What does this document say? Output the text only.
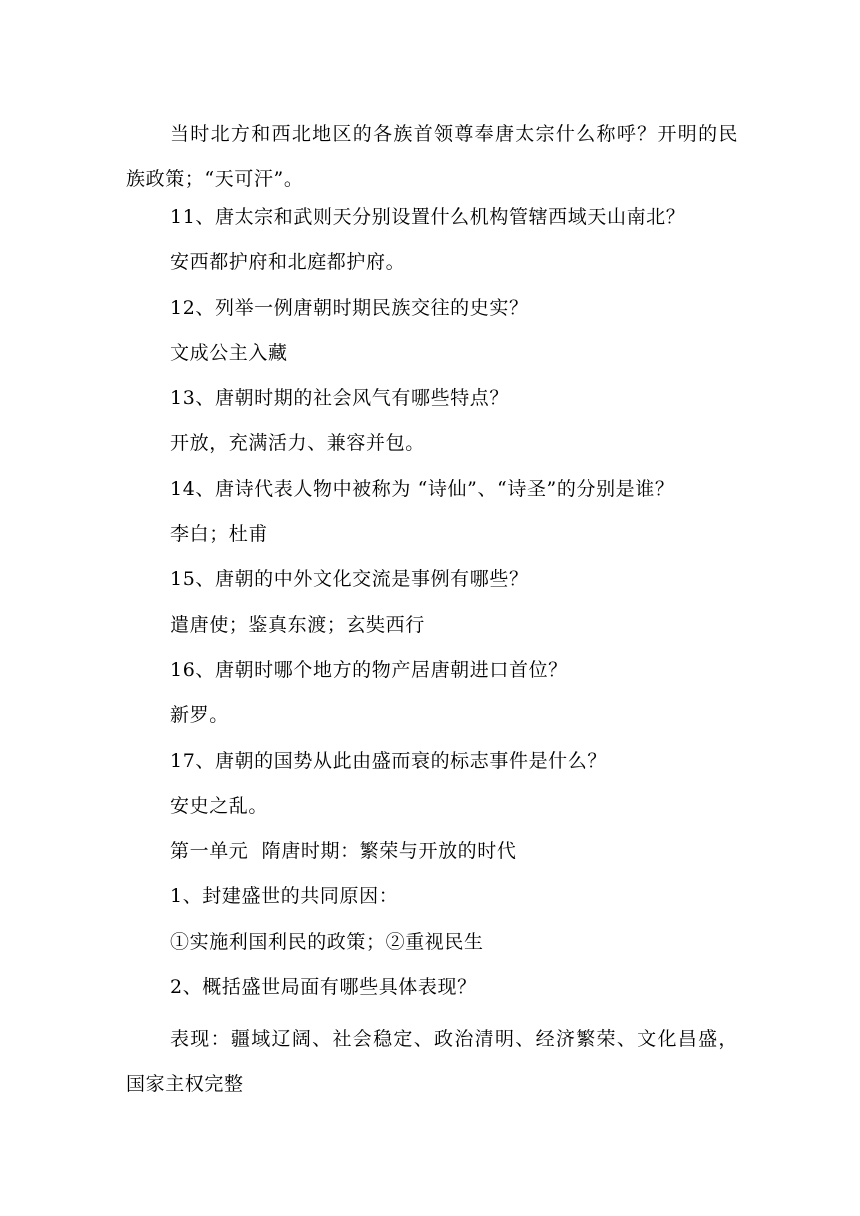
当时北方和西北地区的各族首领尊奉唐太宗什么称呼？开明的民族政策；“天可汗”。

11、唐太宗和武则天分别设置什么机构管辖西域天山南北？

安西都护府和北庭都护府。

12、列举一例唐朝时期民族交往的史实？

文成公主入藏

13、唐朝时期的社会风气有哪些特点？

开放，充满活力、兼容并包。

14、唐诗代表人物中被称为 “诗仙”、“诗圣”的分别是谁？

李白；杜甫

15、唐朝的中外文化交流是事例有哪些？

遣唐使；鉴真东渡；玄奘西行

16、唐朝时哪个地方的物产居唐朝进口首位？

新罗。

17、唐朝的国势从此由盛而衰的标志事件是什么？

安史之乱。

第一单元  隋唐时期：繁荣与开放的时代

1、封建盛世的共同原因：

①实施利国利民的政策；②重视民生

2、概括盛世局面有哪些具体表现？

表现：疆域辽阔、社会稳定、政治清明、经济繁荣、文化昌盛，国家主权完整
